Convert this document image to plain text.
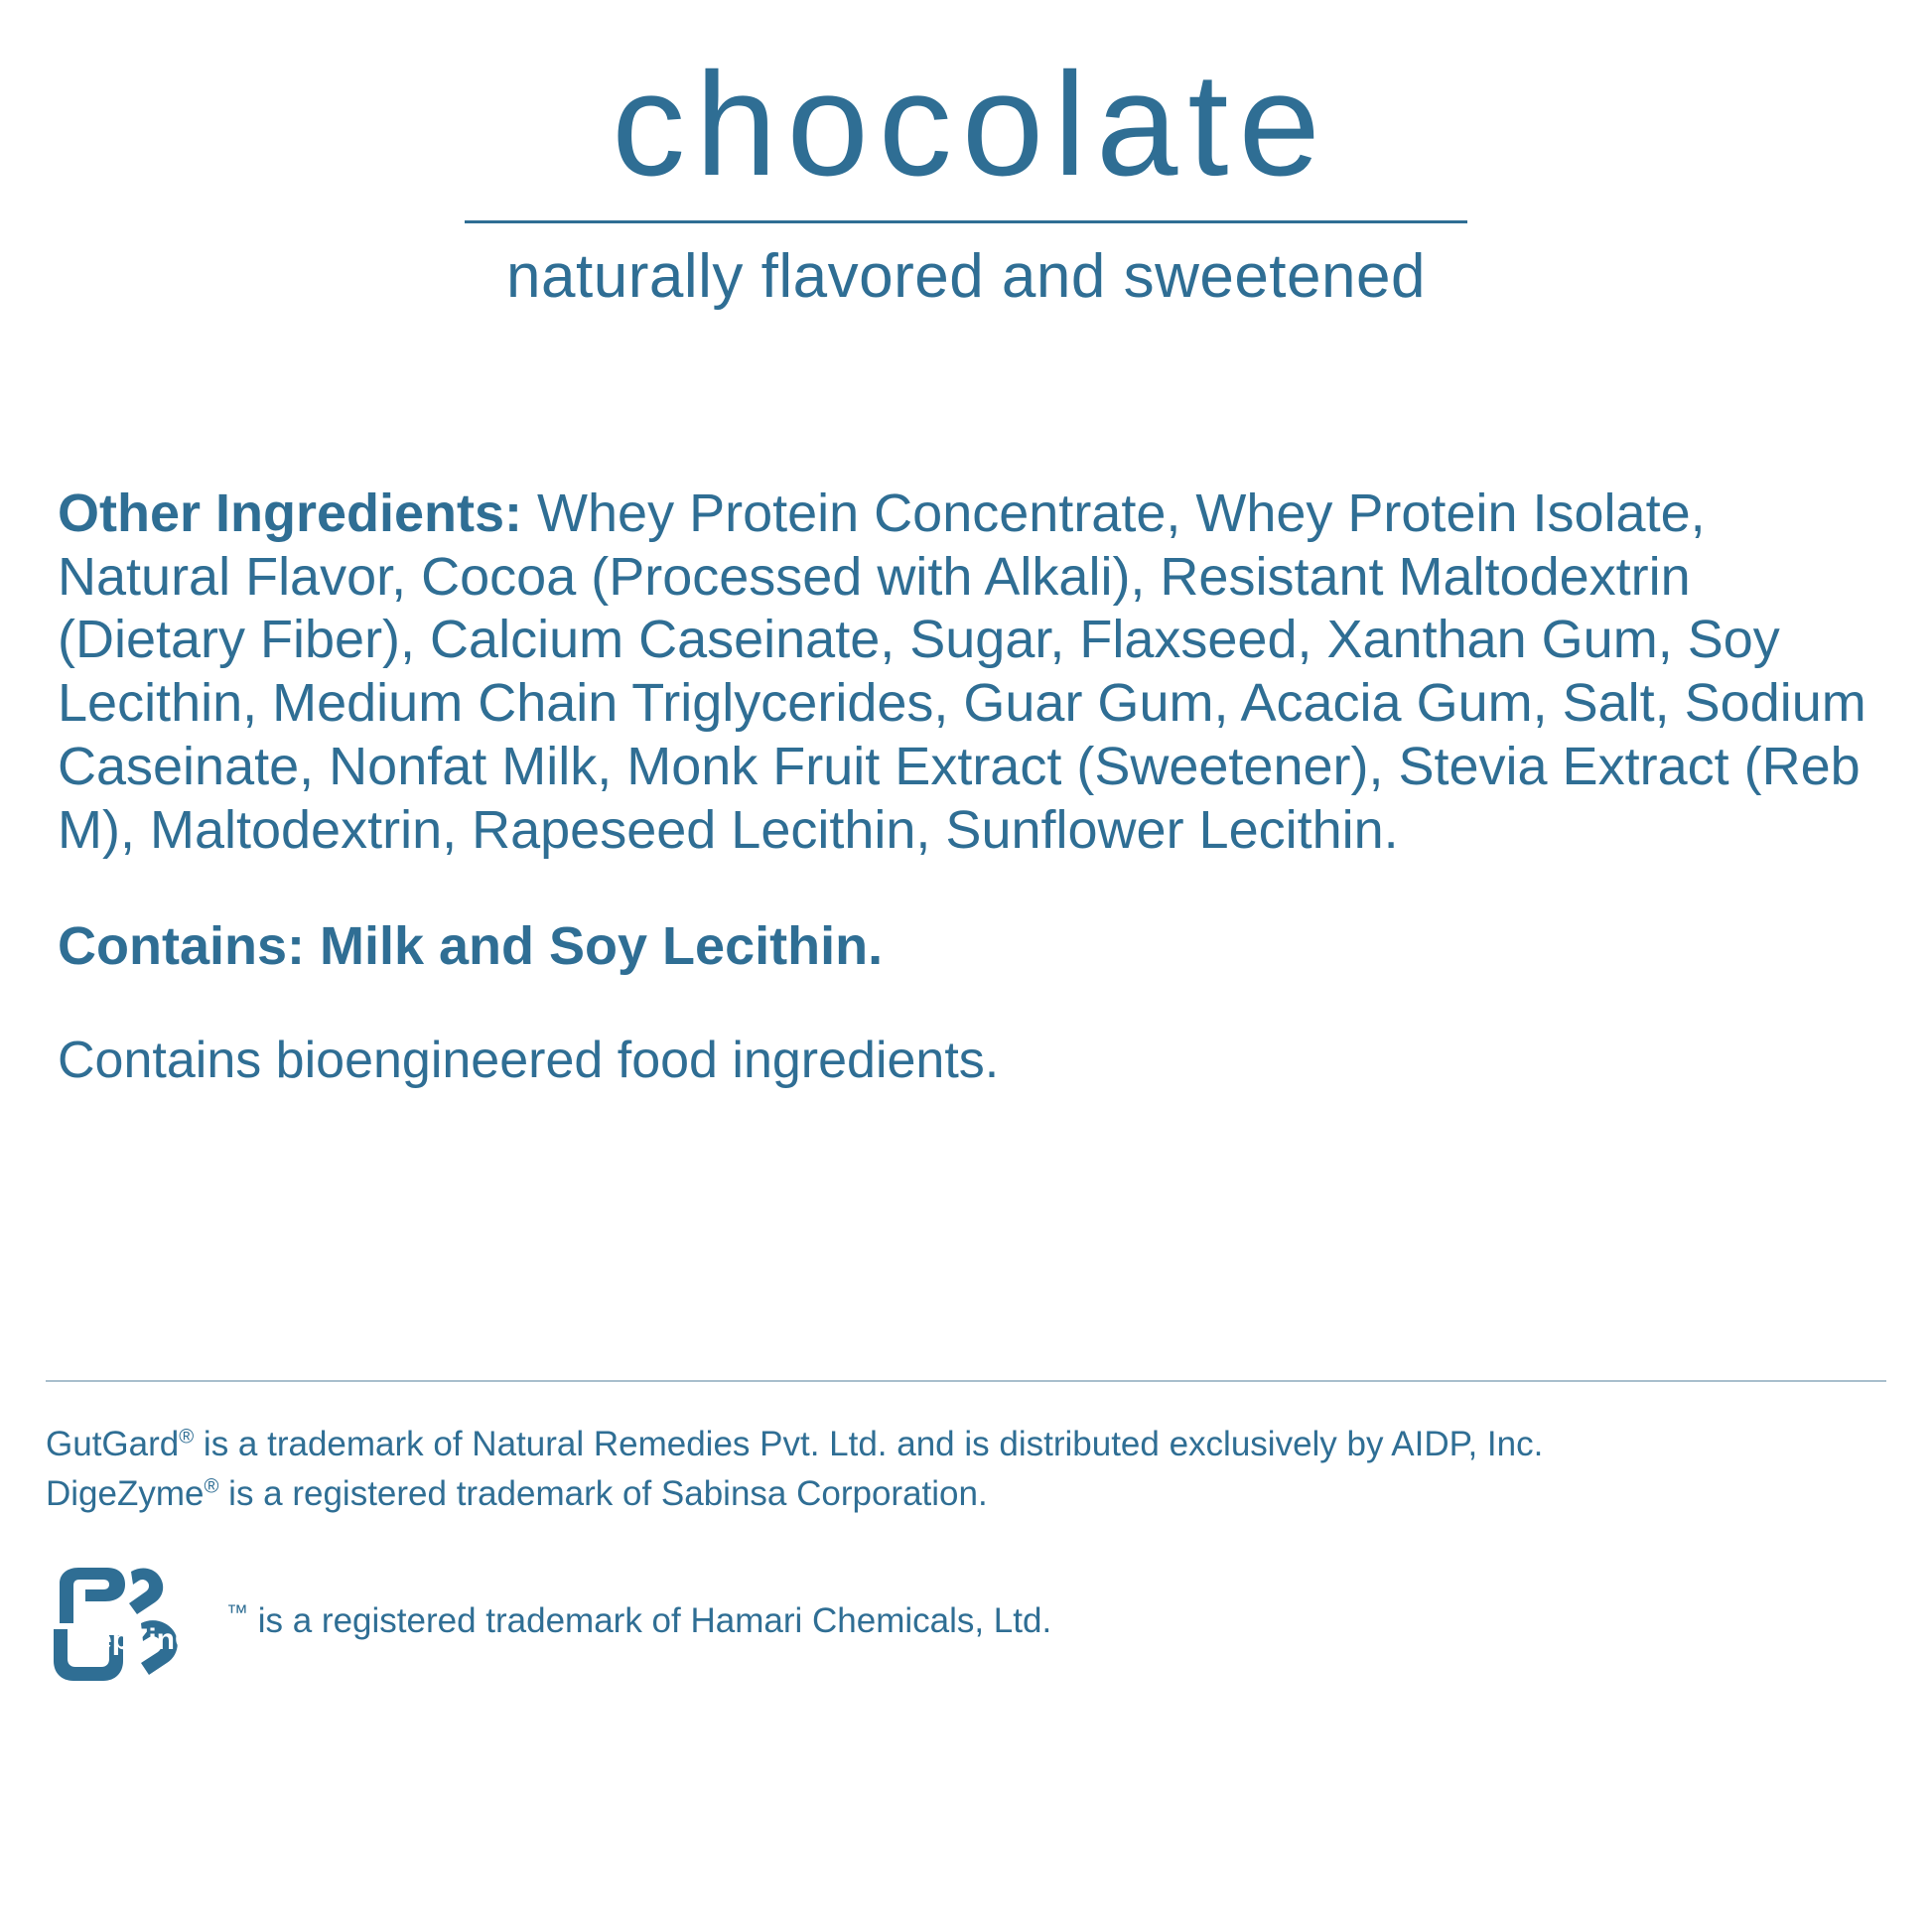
chocolate
naturally flavored and sweetened

Other Ingredients: Whey Protein Concentrate, Whey Protein Isolate, Natural Flavor, Cocoa (Processed with Alkali), Resistant Maltodextrin (Dietary Fiber), Calcium Caseinate, Sugar, Flaxseed, Xanthan Gum, Soy Lecithin, Medium Chain Triglycerides, Guar Gum, Acacia Gum, Salt, Sodium Caseinate, Nonfat Milk, Monk Fruit Extract (Sweetener), Stevia Extract (Reb M), Maltodextrin, Rapeseed Lecithin, Sunflower Lecithin.

Contains: Milk and Soy Lecithin.

Contains bioengineered food ingredients.

GutGard® is a trademark of Natural Remedies Pvt. Ltd. and is distributed exclusively by AIDP, Inc.
DigeZyme® is a registered trademark of Sabinsa Corporation.
PepZinGI
™ is a registered trademark of Hamari Chemicals, Ltd.
